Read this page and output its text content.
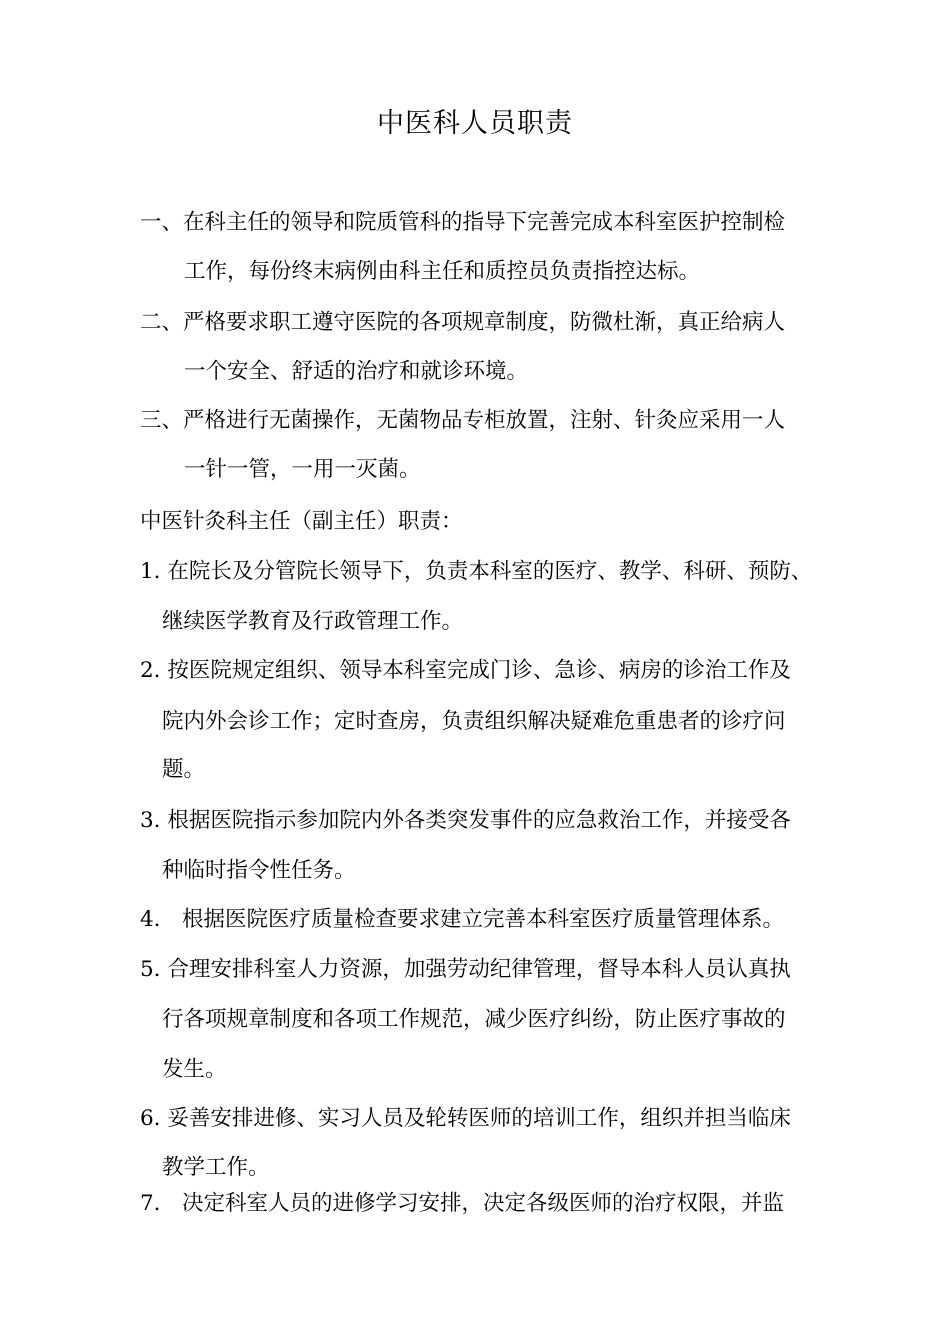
中医科人员职责
一、在科主任的领导和院质管科的指导下完善完成本科室医护控制检
工作，每份终末病例由科主任和质控员负责指控达标。
二、严格要求职工遵守医院的各项规章制度，防微杜渐，真正给病人
一个安全、舒适的治疗和就诊环境。
三、严格进行无菌操作，无菌物品专柜放置，注射、针灸应采用一人
一针一管，一用一灭菌。
中医针灸科主任（副主任）职责：
1. 在院长及分管院长领导下，负责本科室的医疗、教学、科研、预防、
继续医学教育及行政管理工作。
2. 按医院规定组织、领导本科室完成门诊、急诊、病房的诊治工作及
院内外会诊工作；定时查房，负责组织解决疑难危重患者的诊疗问
题。
3. 根据医院指示参加院内外各类突发事件的应急救治工作，并接受各
种临时指令性任务。
4.　根据医院医疗质量检查要求建立完善本科室医疗质量管理体系。
5. 合理安排科室人力资源，加强劳动纪律管理，督导本科人员认真执
行各项规章制度和各项工作规范，减少医疗纠纷，防止医疗事故的
发生。
6. 妥善安排进修、实习人员及轮转医师的培训工作，组织并担当临床
教学工作。
7.　决定科室人员的进修学习安排，决定各级医师的治疗权限，并监
